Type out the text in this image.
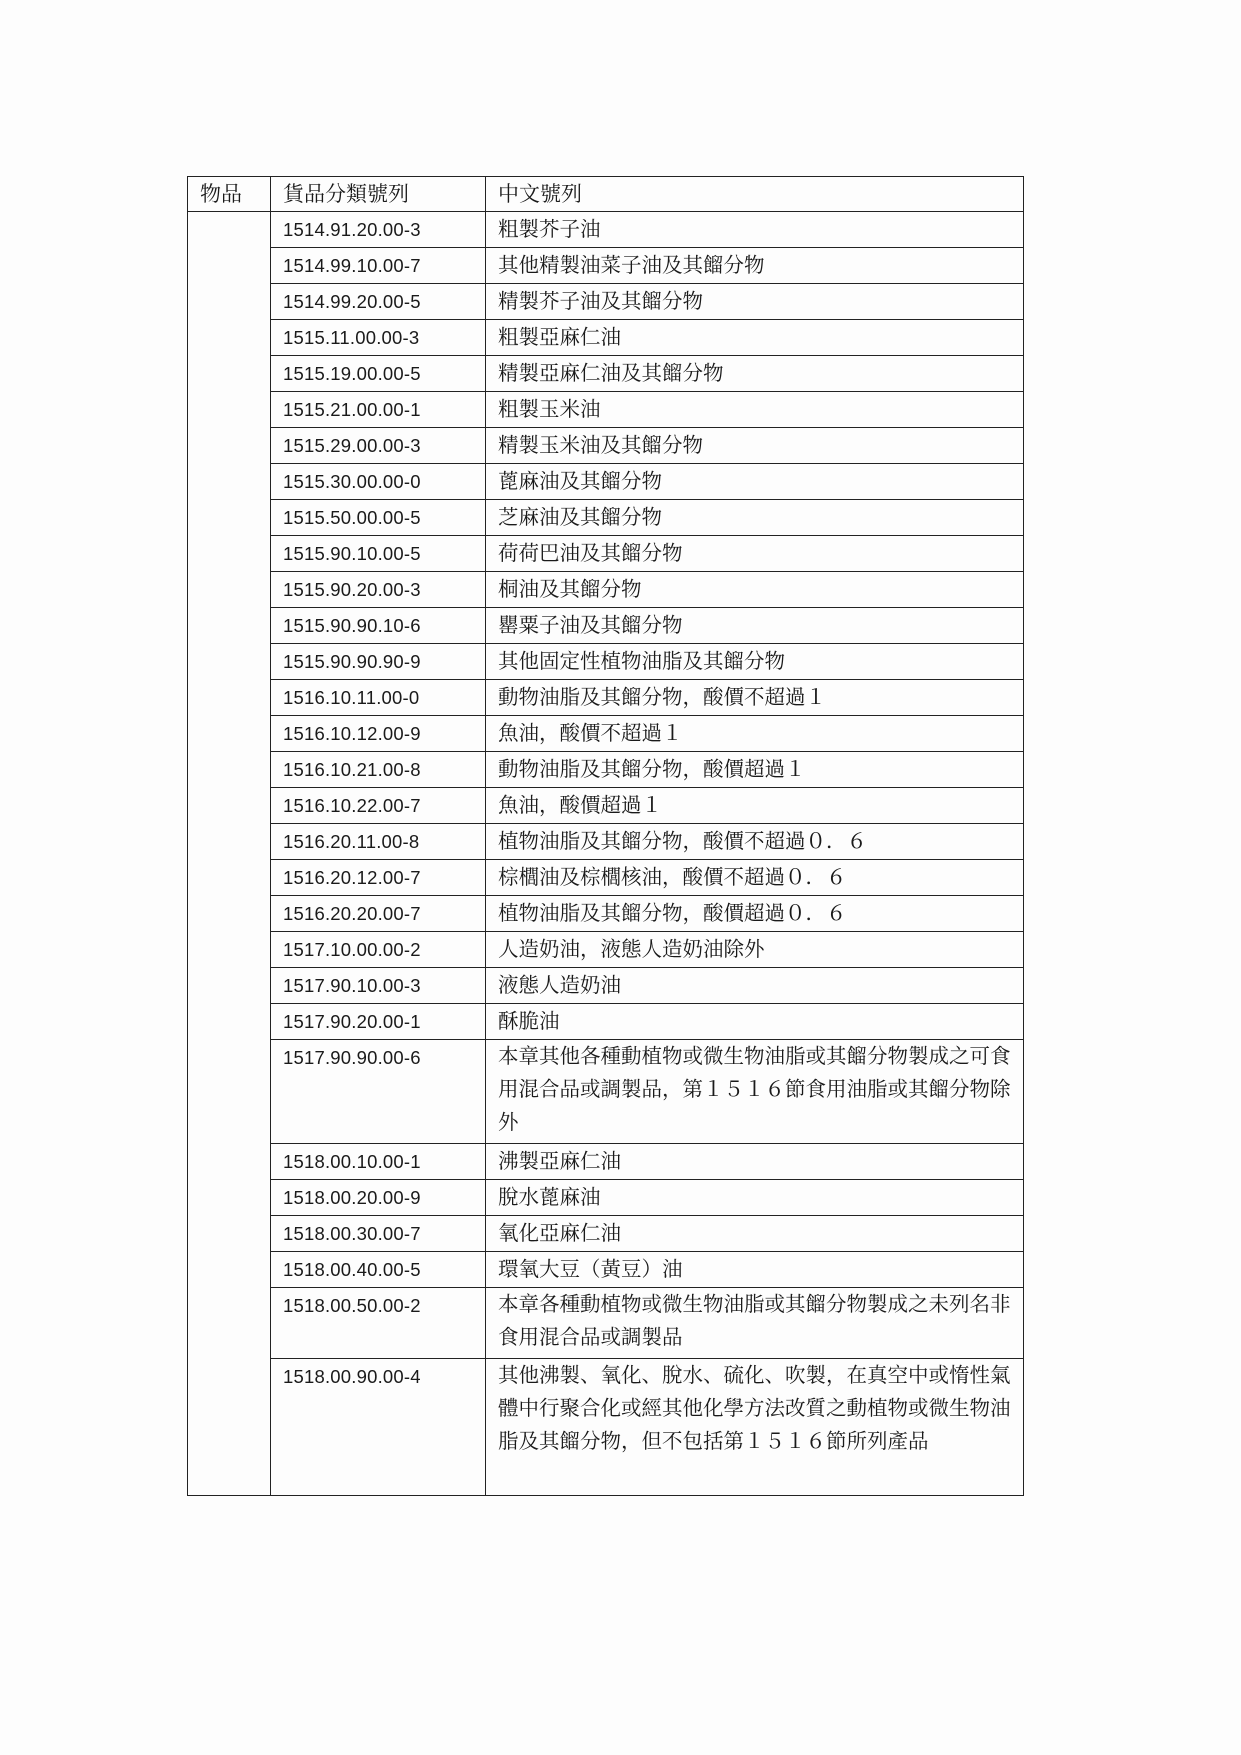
物品	貨品分類號列	中文號列
	1514.91.20.00-3	粗製芥子油
	1514.99.10.00-7	其他精製油菜子油及其餾分物
	1514.99.20.00-5	精製芥子油及其餾分物
	1515.11.00.00-3	粗製亞麻仁油
	1515.19.00.00-5	精製亞麻仁油及其餾分物
	1515.21.00.00-1	粗製玉米油
	1515.29.00.00-3	精製玉米油及其餾分物
	1515.30.00.00-0	蓖麻油及其餾分物
	1515.50.00.00-5	芝麻油及其餾分物
	1515.90.10.00-5	荷荷巴油及其餾分物
	1515.90.20.00-3	桐油及其餾分物
	1515.90.90.10-6	罌粟子油及其餾分物
	1515.90.90.90-9	其他固定性植物油脂及其餾分物
	1516.10.11.00-0	動物油脂及其餾分物，酸價不超過１
	1516.10.12.00-9	魚油，酸價不超過１
	1516.10.21.00-8	動物油脂及其餾分物，酸價超過１
	1516.10.22.00-7	魚油，酸價超過１
	1516.20.11.00-8	植物油脂及其餾分物，酸價不超過０．６
	1516.20.12.00-7	棕櫚油及棕櫚核油，酸價不超過０．６
	1516.20.20.00-7	植物油脂及其餾分物，酸價超過０．６
	1517.10.00.00-2	人造奶油，液態人造奶油除外
	1517.90.10.00-3	液態人造奶油
	1517.90.20.00-1	酥脆油
	1517.90.90.00-6	本章其他各種動植物或微生物油脂或其餾分物製成之可食用混合品或調製品，第１５１６節食用油脂或其餾分物除外
	1518.00.10.00-1	沸製亞麻仁油
	1518.00.20.00-9	脫水蓖麻油
	1518.00.30.00-7	氧化亞麻仁油
	1518.00.40.00-5	環氧大豆（黃豆）油
	1518.00.50.00-2	本章各種動植物或微生物油脂或其餾分物製成之未列名非食用混合品或調製品
	1518.00.90.00-4	其他沸製、氧化、脫水、硫化、吹製，在真空中或惰性氣體中行聚合化或經其他化學方法改質之動植物或微生物油脂及其餾分物，但不包括第１５１６節所列產品
